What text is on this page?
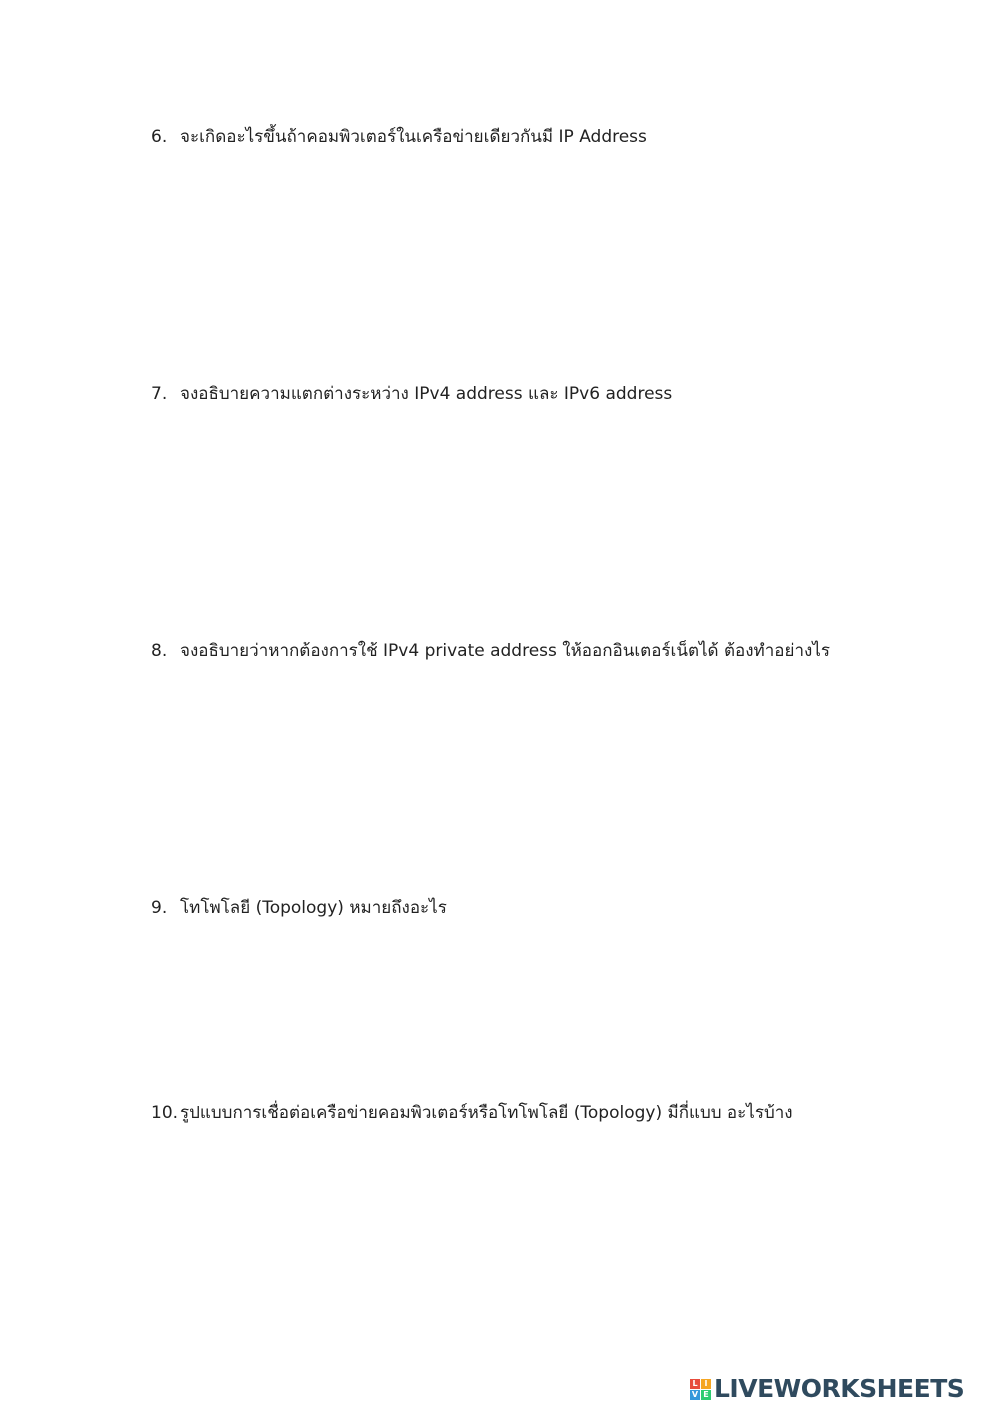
6. จะเกิดอะไรขึ้นถ้าคอมพิวเตอร์ในเครือข่ายเดียวกันมี IP Address
7. จงอธิบายความแตกต่างระหว่าง IPv4 address และ IPv6 address
8. จงอธิบายว่าหากต้องการใช้ IPv4 private address ให้ออกอินเตอร์เน็ตได้ ต้องทำอย่างไร
9. โทโพโลยี (Topology) หมายถึงอะไร
10. รูปแบบการเชื่อต่อเครือข่ายคอมพิวเตอร์หรือโทโพโลยี (Topology) มีกี่แบบ อะไรบ้าง
L I
V E LIVEWORKSHEETS
